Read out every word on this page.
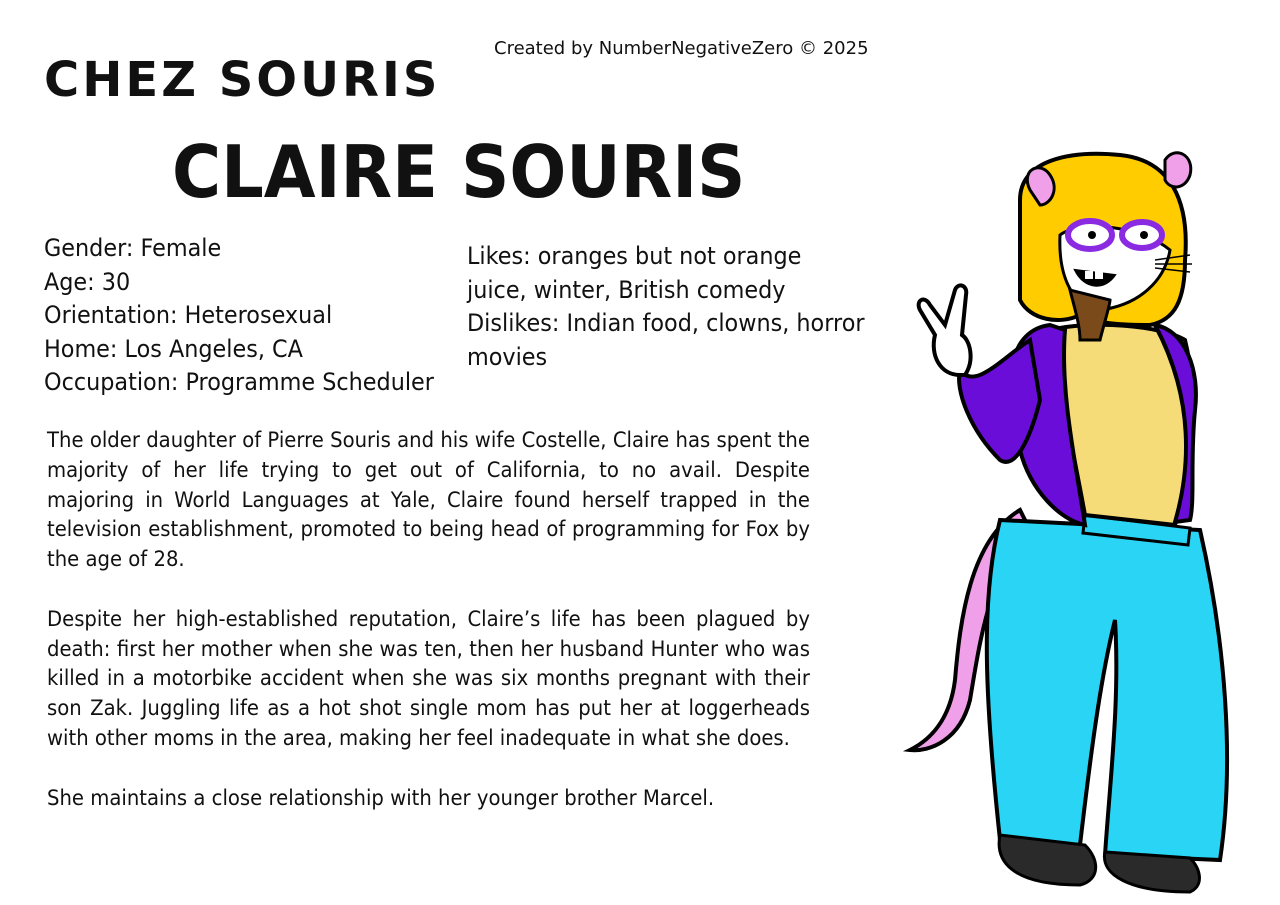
Created by NumberNegativeZero © 2025
CHEZ SOURIS
CLAIRE SOURIS
Gender: Female
Age: 30
Orientation: Heterosexual
Home: Los Angeles, CA
Occupation: Programme Scheduler
Likes: oranges but not orange juice, winter, British comedy
Dislikes: Indian food, clowns, horror movies

The older daughter of Pierre Souris and his wife Costelle, Claire has spent the majority of her life trying to get out of California, to no avail. Despite majoring in World Languages at Yale, Claire found herself trapped in the television establishment, promoted to being head of programming for Fox by the age of 28.

Despite her high-established reputation, Claire’s life has been plagued by death: first her mother when she was ten, then her husband Hunter who was killed in a motorbike accident when she was six months pregnant with their son Zak. Juggling life as a hot shot single mom has put her at loggerheads with other moms in the area, making her feel inadequate in what she does.

She maintains a close relationship with her younger brother Marcel.
